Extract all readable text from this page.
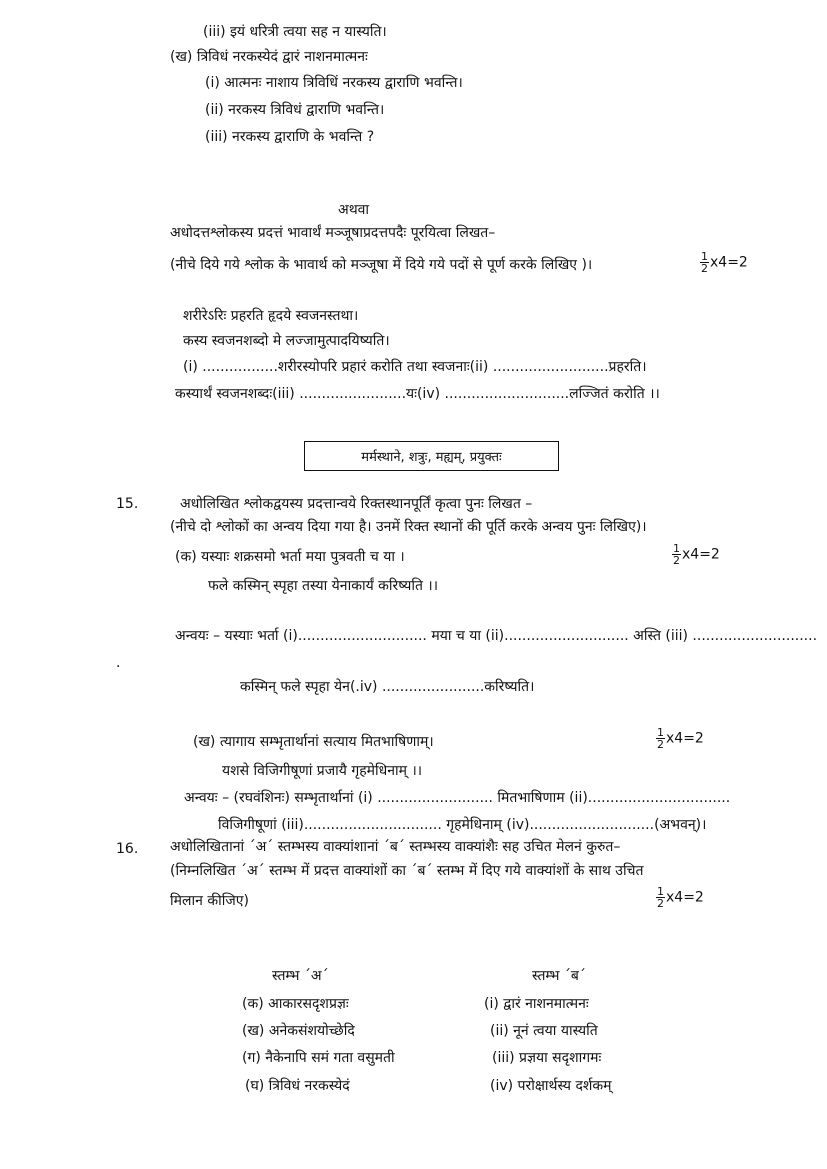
(iii) इयं धरित्री त्वया सह न यास्यति।
(ख) त्रिविधं नरकस्येदं द्वारं नाशनमात्मनः
(i) आत्मनः नाशाय त्रिविधिं नरकस्य द्वाराणि भवन्ति।
(ii) नरकस्य त्रिविधं द्वाराणि भवन्ति।
(iii) नरकस्य द्वाराणि के भवन्ति ?
अथवा
अधोदत्तश्लोकस्य प्रदत्तं भावार्थं मञ्जूषाप्रदत्तपदैः पूरयित्वा लिखत–
(नीचे दिये गये श्लोक के भावार्थ को मञ्जूषा में दिये गये पदों से पूर्ण करके लिखिए )।	$\frac{1}{2} x4=2$
शरीरेऽरिः प्रहरति हृदये स्वजनस्तथा।
कस्य स्वजनशब्दो मे लज्जामुत्पादयिष्यति।
(i) .................शरीरस्योपरि प्रहारं करोति तथा स्वजनाः(ii) ..........................प्रहरति।
कस्यार्थं स्वजनशब्दः(iii) ........................यः(iv) ............................लज्जितं करोति ।।
मर्मस्थाने, शत्रुः, मह्यम्, प्रयुक्तः
15.	अधोलिखित श्लोकद्वयस्य प्रदत्तान्वये रिक्तस्थानपूर्तिं कृत्वा पुनः लिखत –
(नीचे दो श्लोकों का अन्वय दिया गया है। उनमें रिक्त स्थानों की पूर्ति करके अन्वय पुनः लिखिए)।
(क) यस्याः शक्रसमो भर्ता मया पुत्रवती च या ।	$\frac{1}{2} x4=2$
फले कस्मिन् स्पृहा तस्या येनाकार्यं करिष्यति ।।
अन्वयः – यस्याः भर्ता (i)............................. मया च या (ii)............................ अस्ति (iii) ............................
.
कस्मिन् फले स्पृहा येन(.iv) .......................करिष्यति।
(ख) त्यागाय सम्भृतार्थानां सत्याय मितभाषिणाम्।	$\frac{1}{2} x4=2$
यशसे विजिगीषूणां प्रजायै गृहमेधिनाम् ।।
अन्वयः – (रघवंशिनः) सम्भृतार्थानां (i) .......................... मितभाषिणाम (ii)................................
विजिगीषूणां (iii)............................... गृहमेधिनाम् (iv)............................(अभवन्)।
16. अधोलिखितानां ´अ´ स्तम्भस्य वाक्यांशानां ´ब´ स्तम्भस्य वाक्यांशैः सह उचित मेलनं कुरुत–
(निम्नलिखित ´अ´ स्तम्भ में प्रदत्त वाक्यांशों का ´ब´ स्तम्भ में दिए गये वाक्यांशों के साथ उचित
मिलान कीजिए)	$\frac{1}{2} x4=2$
स्तम्भ ´अ´	स्तम्भ ´ब´
(क) आकारसदृशप्रज्ञः	(i) द्वारं नाशनमात्मनः
(ख) अनेकसंशयोच्छेदि	(ii) नूनं त्वया यास्यति
(ग) नैकेनापि समं गता वसुमती	(iii) प्रज्ञया सदृशागमः
(घ) त्रिविधं नरकस्येदं	(iv) परोक्षार्थस्य दर्शकम्
